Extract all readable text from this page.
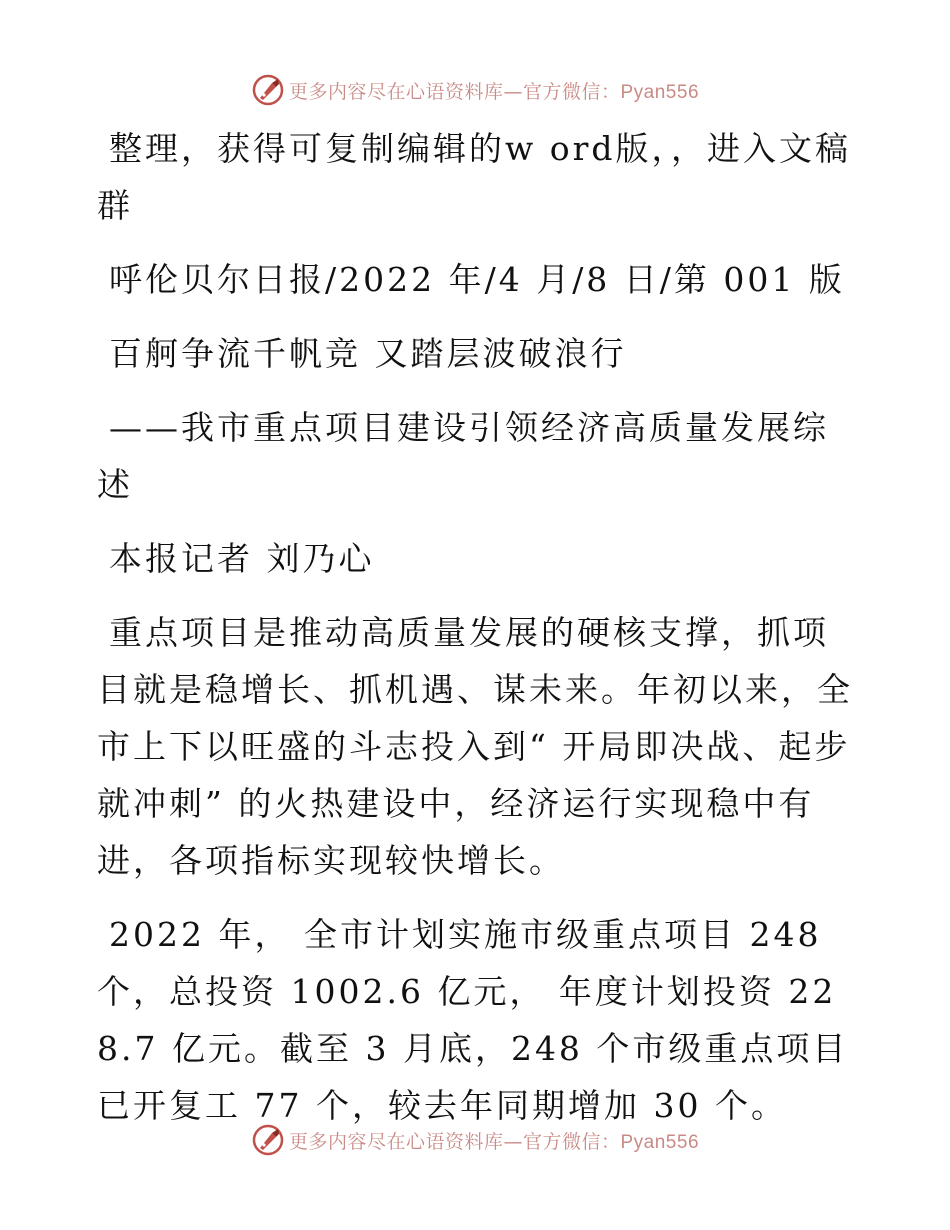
更多内容尽在心语资料库—官方微信：Pyan556

整理，获得可复制编辑的w ord版，，进入文稿群

呼伦贝尔日报/2022 年/4 月/8 日/第 001 版

百舸争流千帆竞 又踏层波破浪行

——我市重点项目建设引领经济高质量发展综述

本报记者 刘乃心

重点项目是推动高质量发展的硬核支撑，抓项目就是稳增长、抓机遇、谋未来。年初以来，全市上下以旺盛的斗志投入到“ 开局即决战、起步就冲刺” 的火热建设中，经济运行实现稳中有进，各项指标实现较快增长。

2022 年， 全市计划实施市级重点项目 248 个，总投资 1002.6 亿元， 年度计划投资 228.7 亿元。截至 3 月底，248 个市级重点项目已开复工 77 个，较去年同期增加 30 个。

更多内容尽在心语资料库—官方微信：Pyan556
